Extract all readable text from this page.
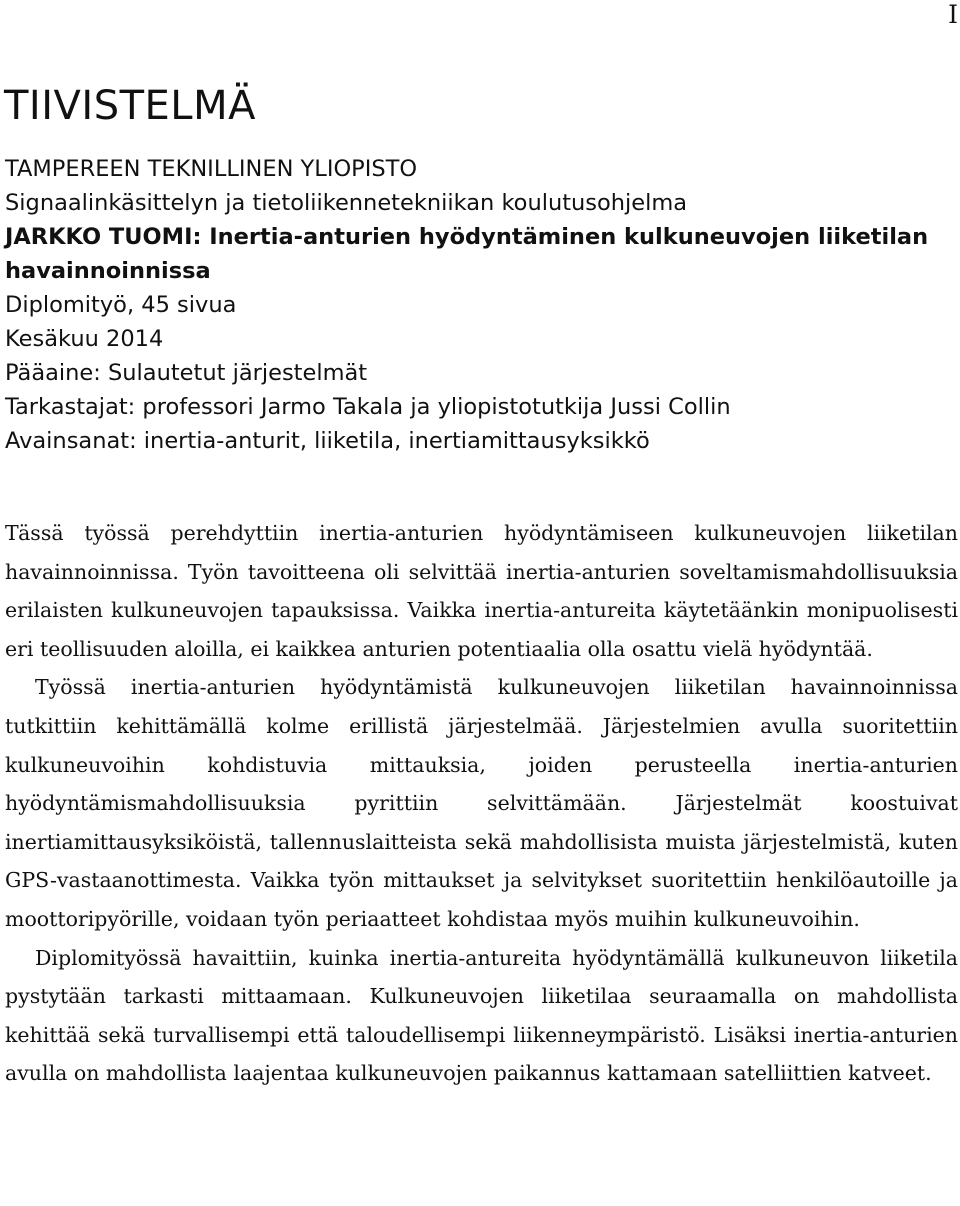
I
TIIVISTELMÄ
TAMPEREEN TEKNILLINEN YLIOPISTO
Signaalinkäsittelyn ja tietoliikennetekniikan koulutusohjelma
JARKKO TUOMI: Inertia-anturien hyödyntäminen kulkuneuvojen liiketilan havainnoinnissa
Diplomityö, 45 sivua
Kesäkuu 2014
Pääaine: Sulautetut järjestelmät
Tarkastajat: professori Jarmo Takala ja yliopistotutkija Jussi Collin
Avainsanat: inertia-anturit, liiketila, inertiamittausyksikkö

Tässä työssä perehdyttiin inertia-anturien hyödyntämiseen kulkuneuvojen liiketilan havainnoinnissa. Työn tavoitteena oli selvittää inertia-anturien soveltamismahdollisuuksia erilaisten kulkuneuvojen tapauksissa. Vaikka inertia-antureita käytetäänkin monipuolisesti eri teollisuuden aloilla, ei kaikkea anturien potentiaalia olla osattu vielä hyödyntää.

Työssä inertia-anturien hyödyntämistä kulkuneuvojen liiketilan havainnoinnissa tutkittiin kehittämällä kolme erillistä järjestelmää. Järjestelmien avulla suoritettiin kulkuneuvoihin kohdistuvia mittauksia, joiden perusteella inertia-anturien hyödyntämismahdollisuuksia pyrittiin selvittämään. Järjestelmät koostuivat inertiamittausyksiköistä, tallennuslaitteista sekä mahdollisista muista järjestelmistä, kuten GPS-vastaanottimesta. Vaikka työn mittaukset ja selvitykset suoritettiin henkilöautoille ja moottoripyörille, voidaan työn periaatteet kohdistaa myös muihin kulkuneuvoihin.

Diplomityössä havaittiin, kuinka inertia-antureita hyödyntämällä kulkuneuvon liiketila pystytään tarkasti mittaamaan. Kulkuneuvojen liiketilaa seuraamalla on mahdollista kehittää sekä turvallisempi että taloudellisempi liikenneympäristö. Lisäksi inertia-anturien avulla on mahdollista laajentaa kulkuneuvojen paikannus kattamaan satelliittien katveet.
